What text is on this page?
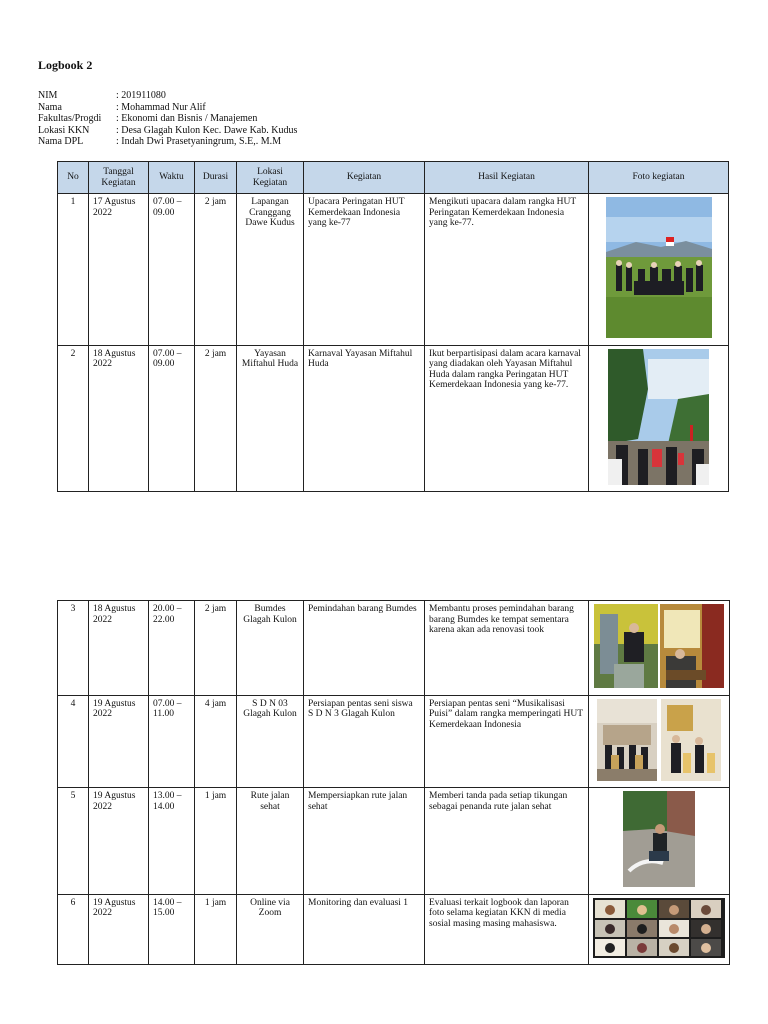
Logbook 2
NIM	: 201911080
Nama	: Mohammad Nur Alif
Fakultas/Progdi	: Ekonomi dan Bisnis / Manajemen
Lokasi KKN	: Desa Glagah Kulon Kec. Dawe Kab. Kudus
Nama DPL	: Indah Dwi Prasetyaningrum, S.E,. M.M
No	Tanggal Kegiatan	Waktu	Durasi	Lokasi Kegiatan	Kegiatan	Hasil Kegiatan	Foto kegiatan
1	17 Agustus 2022	07.00 – 09.00	2 jam	Lapangan Cranggang Dawe Kudus	Upacara Peringatan HUT Kemerdekaan Indonesia yang ke-77	Mengikuti upacara dalam rangka HUT Peringatan Kemerdekaan Indonesia yang ke-77.	

2	18 Agustus 2022	07.00 – 09.00	2 jam	Yayasan Miftahul Huda	Karnaval Yayasan Miftahul Huda	Ikut berpartisipasi dalam acara karnaval yang diadakan oleh Yayasan Miftahul Huda dalam rangka Peringatan HUT Kemerdekaan Indonesia yang ke-77.	
3	18 Agustus 2022	20.00 – 22.00	2 jam	Bumdes Glagah Kulon	Pemindahan barang Bumdes	Membantu proses pemindahan barang barang Bumdes ke tempat sementara karena akan ada renovasi took	

4	19 Agustus 2022	07.00 – 11.00	4 jam	S D N 03 Glagah Kulon	Persiapan pentas seni siswa S D N 3 Glagah Kulon	Persiapan pentas seni “Musikalisasi Puisi” dalam rangka memperingati HUT Kemerdekaan Indonesia	

5	19 Agustus 2022	13.00 – 14.00	1 jam	Rute jalan sehat	Mempersiapkan rute jalan sehat	Memberi tanda pada setiap tikungan sebagai penanda rute jalan sehat	

6	19 Agustus 2022	14.00 – 15.00	1 jam	Online via Zoom	Monitoring dan evaluasi 1	Evaluasi terkait logbook dan laporan foto selama kegiatan KKN di media sosial masing masing mahasiswa.	
